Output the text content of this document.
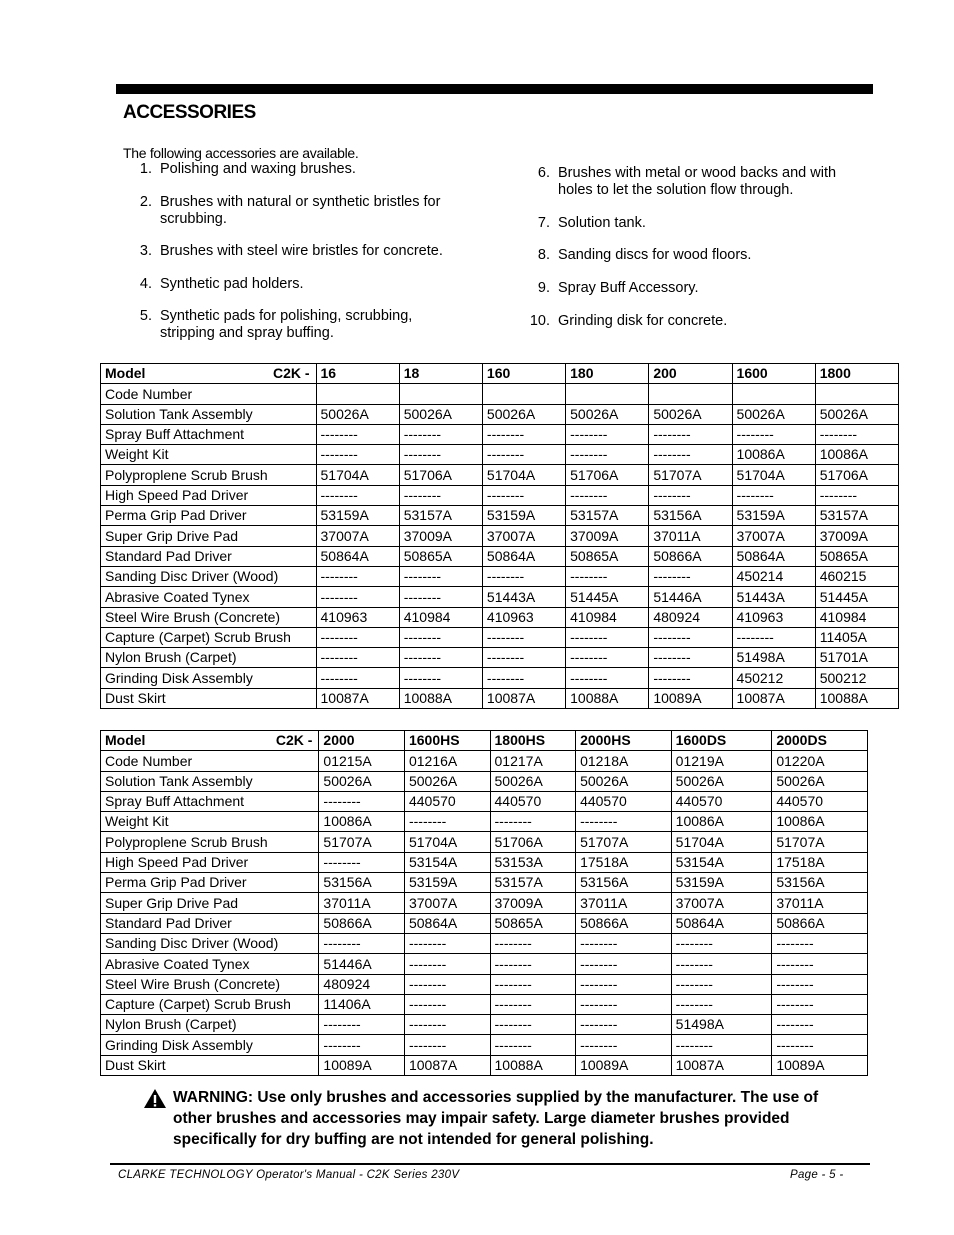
ACCESSORIES
The following accessories are available.
1. Polishing and waxing brushes.
2. Brushes with natural or synthetic bristles for scrubbing.
3. Brushes with steel wire bristles for concrete.
4. Synthetic pad holders.
5. Synthetic pads for polishing, scrubbing, stripping and spray buffing.
6. Brushes with metal or wood backs and with holes to let the solution flow through.
7. Solution tank.
8. Sanding discs for wood floors.
9. Spray Buff Accessory.
10. Grinding disk for concrete.
Model C2K -	16	18	160	180	200	1600	1800
Code Number							
Solution Tank Assembly	50026A	50026A	50026A	50026A	50026A	50026A	50026A
Spray Buff Attachment	--------	--------	--------	--------	--------	--------	--------
Weight Kit	--------	--------	--------	--------	--------	10086A	10086A
Polyproplene Scrub Brush	51704A	51706A	51704A	51706A	51707A	51704A	51706A
High Speed Pad Driver	--------	--------	--------	--------	--------	--------	--------
Perma Grip Pad Driver	53159A	53157A	53159A	53157A	53156A	53159A	53157A
Super Grip Drive Pad	37007A	37009A	37007A	37009A	37011A	37007A	37009A
Standard Pad Driver	50864A	50865A	50864A	50865A	50866A	50864A	50865A
Sanding Disc Driver (Wood)	--------	--------	--------	--------	--------	450214	460215
Abrasive Coated Tynex	--------	--------	51443A	51445A	51446A	51443A	51445A
Steel Wire Brush (Concrete)	410963	410984	410963	410984	480924	410963	410984
Capture (Carpet) Scrub Brush	--------	--------	--------	--------	--------	--------	11405A
Nylon Brush (Carpet)	--------	--------	--------	--------	--------	51498A	51701A
Grinding Disk Assembly	--------	--------	--------	--------	--------	450212	500212
Dust Skirt	10087A	10088A	10087A	10088A	10089A	10087A	10088A
Model C2K -	2000	1600HS	1800HS	2000HS	1600DS	2000DS
Code Number	01215A	01216A	01217A	01218A	01219A	01220A
Solution Tank Assembly	50026A	50026A	50026A	50026A	50026A	50026A
Spray Buff Attachment	--------	440570	440570	440570	440570	440570
Weight Kit	10086A	--------	--------	--------	10086A	10086A
Polyproplene Scrub Brush	51707A	51704A	51706A	51707A	51704A	51707A
High Speed Pad Driver	--------	53154A	53153A	17518A	53154A	17518A
Perma Grip Pad Driver	53156A	53159A	53157A	53156A	53159A	53156A
Super Grip Drive Pad	37011A	37007A	37009A	37011A	37007A	37011A
Standard Pad Driver	50866A	50864A	50865A	50866A	50864A	50866A
Sanding Disc Driver (Wood)	--------	--------	--------	--------	--------	--------
Abrasive Coated Tynex	51446A	--------	--------	--------	--------	--------
Steel Wire Brush (Concrete)	480924	--------	--------	--------	--------	--------
Capture (Carpet) Scrub Brush	11406A	--------	--------	--------	--------	--------
Nylon Brush (Carpet)	--------	--------	--------	--------	51498A	--------
Grinding Disk Assembly	--------	--------	--------	--------	--------	--------
Dust Skirt	10089A	10087A	10088A	10089A	10087A	10089A
WARNING: Use only brushes and accessories supplied by the manufacturer. The use of other brushes and accessories may impair safety. Large diameter brushes provided specifically for dry buffing are not intended for general polishing.
CLARKE TECHNOLOGY Operator's Manual - C2K Series 230V	Page - 5 -
